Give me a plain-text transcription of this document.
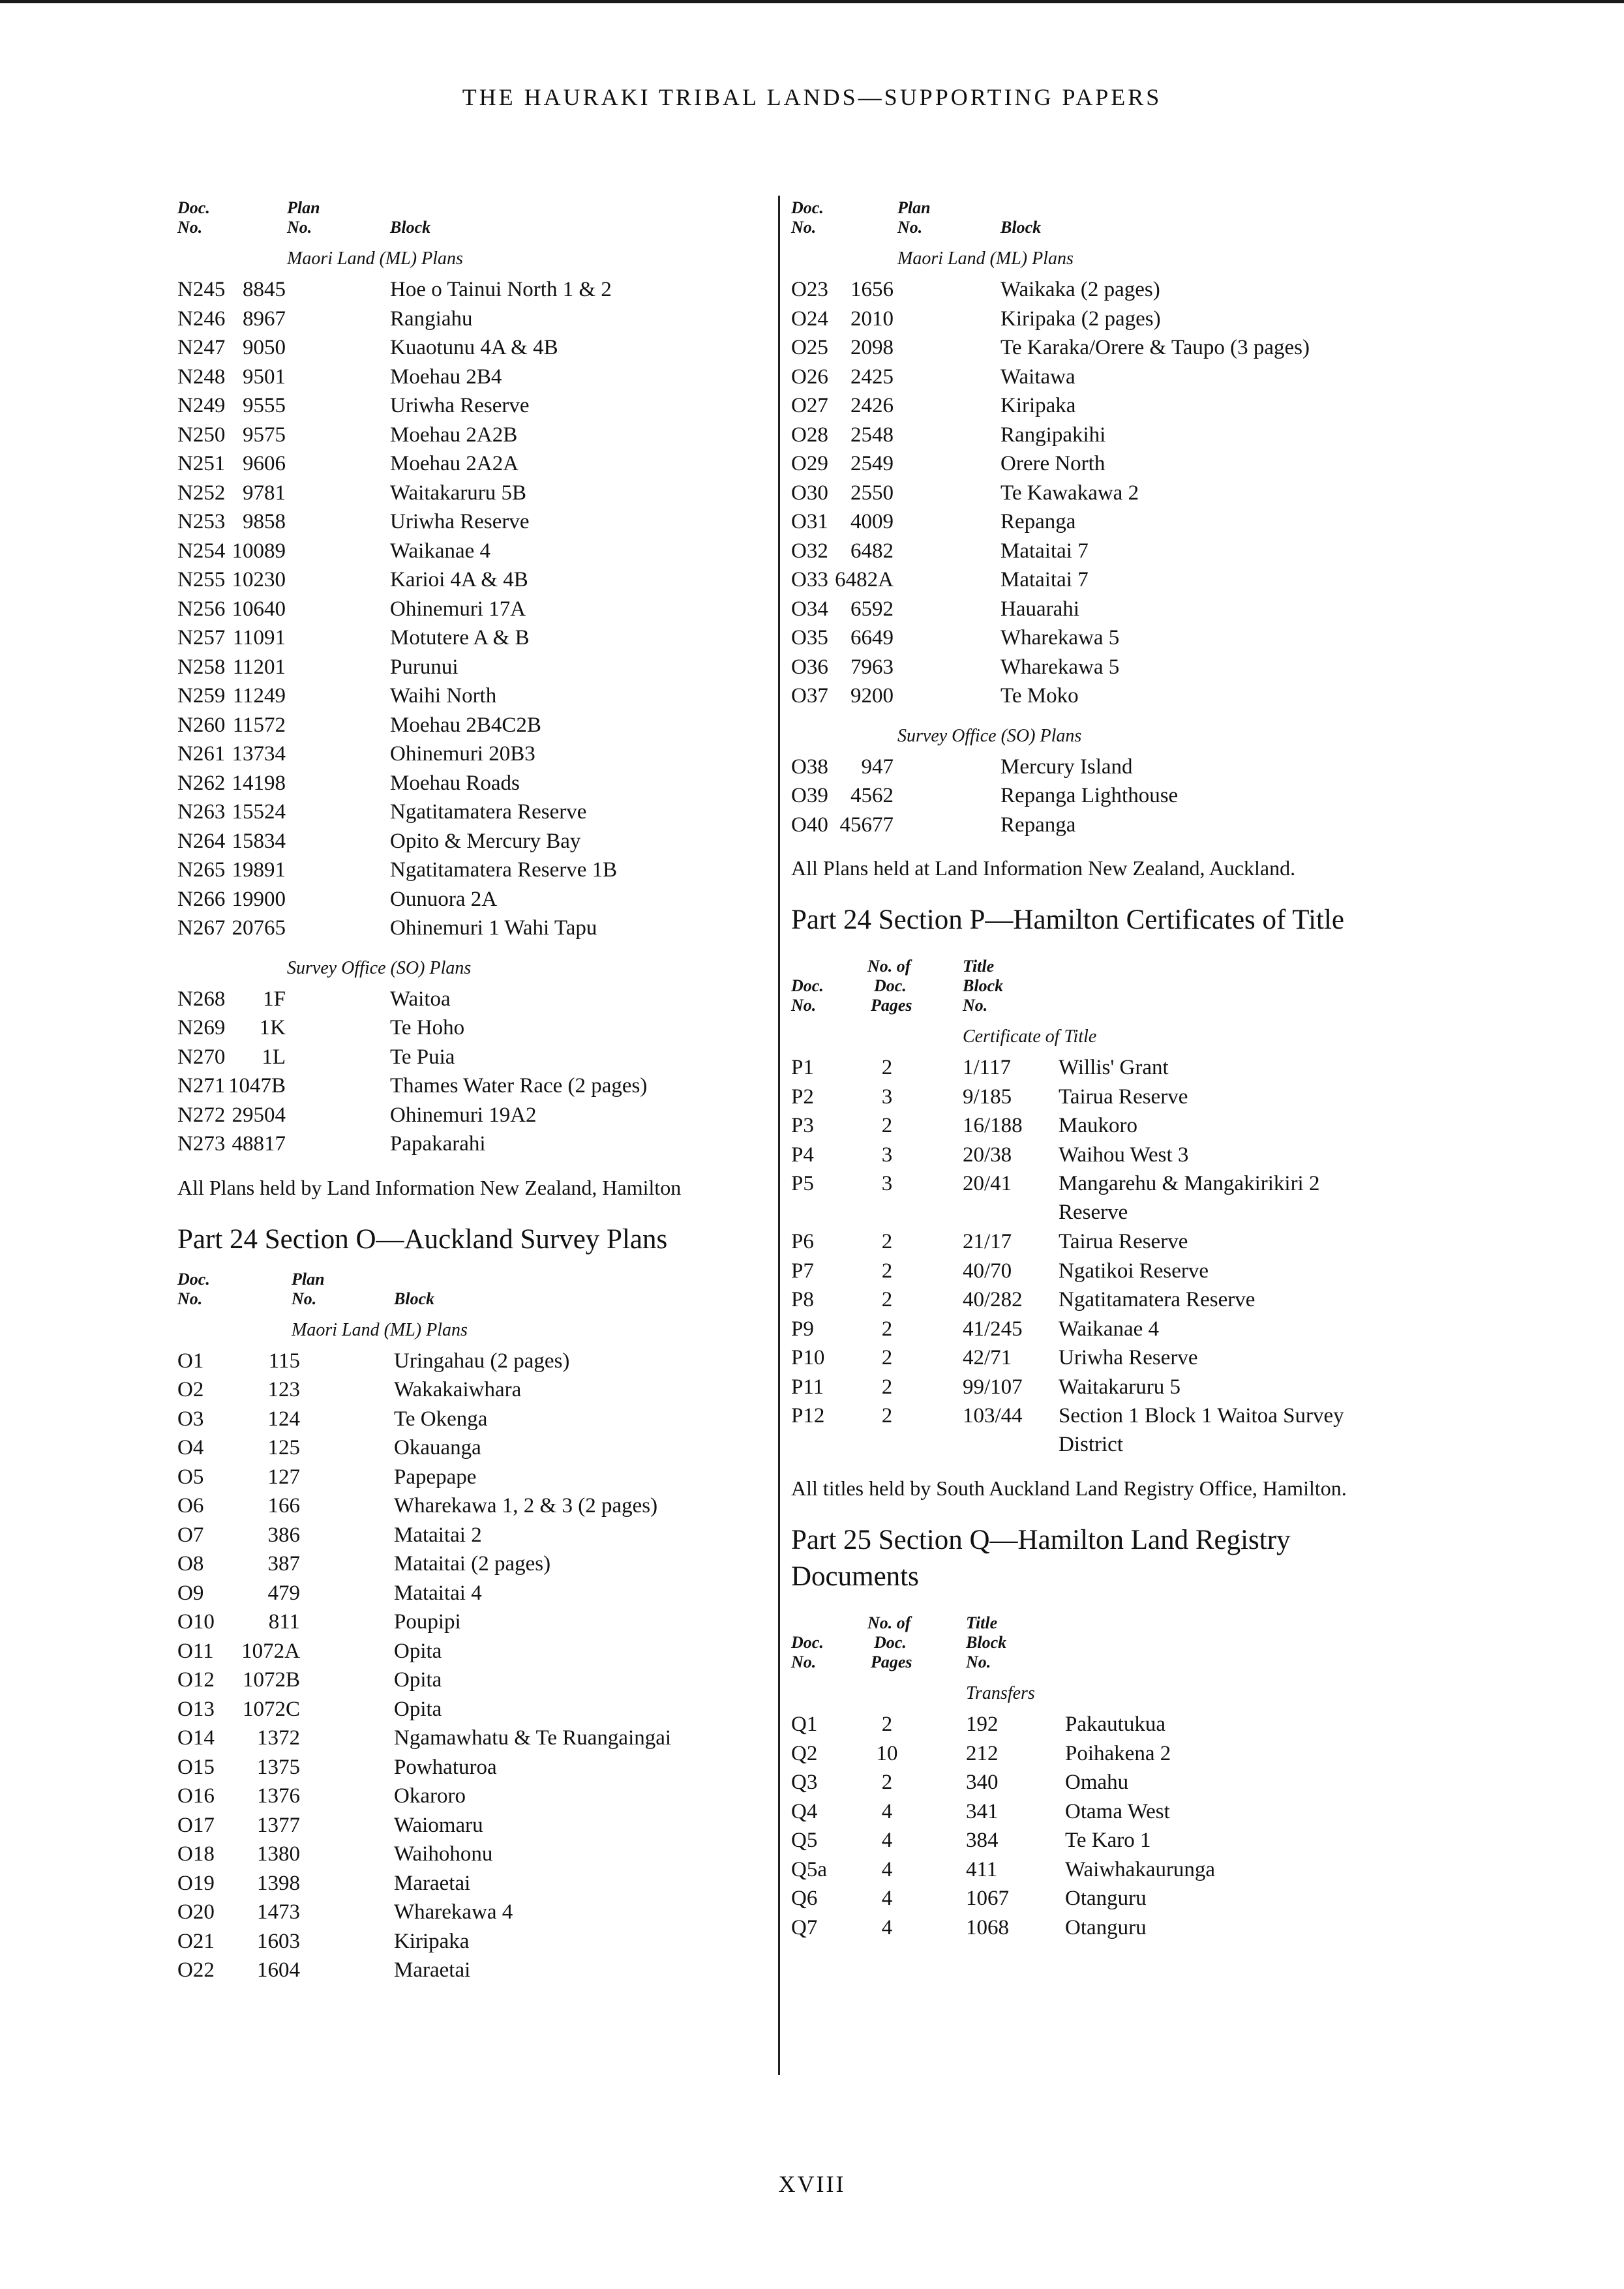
THE HAURAKI TRIBAL LANDS—SUPPORTING PAPERS
Doc.
No.
Plan
No.	Block
Maori Land (ML) Plans
N245 8845	Hoe o Tainui North 1 & 2
N246 8967	Rangiahu
N247 9050	Kuaotunu 4A & 4B
N248 9501	Moehau 2B4
N249 9555	Uriwha Reserve
N250 9575	Moehau 2A2B
N251 9606	Moehau 2A2A
N252 9781	Waitakaruru 5B
N253 9858	Uriwha Reserve
N254 10089	Waikanae 4
N255 10230	Karioi 4A & 4B
N256 10640	Ohinemuri 17A
N257 11091	Motutere A & B
N258 11201	Purunui
N259 11249	Waihi North
N260 11572	Moehau 2B4C2B
N261 13734	Ohinemuri 20B3
N262 14198	Moehau Roads
N263 15524	Ngatitamatera Reserve
N264 15834	Opito & Mercury Bay
N265 19891	Ngatitamatera Reserve 1B
N266 19900	Ounuora 2A
N267 20765	Ohinemuri 1 Wahi Tapu
Survey Office (SO) Plans
N268	1F	Waitoa
N269	1K	Te Hoho
N270	1L	Te Puia
N271 1047B	Thames Water Race (2 pages)
N272 29504	Ohinemuri 19A2
N273 48817	Papakarahi
All Plans held by Land Information New Zealand, Hamilton
Part 24 Section O—Auckland Survey Plans
Doc.
No.
Plan
No.	Block
Maori Land (ML) Plans
O1	115	Uringahau (2 pages)
O2	123	Wakakaiwhara
O3	124	Te Okenga
O4	125	Okauanga
O5	127	Papepape
O6	166	Wharekawa 1, 2 & 3 (2 pages)
O7	386	Mataitai 2
O8	387	Mataitai (2 pages)
O9	479	Mataitai 4
O10	811	Poupipi
O11	1072A	Opita
O12	1072B	Opita
O13	1072C	Opita
O14	1372	Ngamawhatu & Te Ruangaingai
O15	1375	Powhaturoa
O16	1376	Okaroro
O17	1377	Waiomaru
O18	1380	Waihohonu
O19	1398	Maraetai
O20	1473	Wharekawa 4
O21	1603	Kiripaka
O22	1604	Maraetai
Doc.
No.
Plan
No.	Block
Maori Land (ML) Plans
O23	1656	Waikaka (2 pages)
O24	2010	Kiripaka (2 pages)
O25	2098	Te Karaka/Orere & Taupo (3 pages)
O26	2425	Waitawa
O27	2426	Kiripaka
O28	2548	Rangipakihi
O29	2549	Orere North
O30	2550	Te Kawakawa 2
O31	4009	Repanga
O32	6482	Mataitai 7
O33 6482A	Mataitai 7
O34	6592	Hauarahi
O35	6649	Wharekawa 5
O36	7963	Wharekawa 5
O37	9200	Te Moko
Survey Office (SO) Plans
O38	947	Mercury Island
O39	4562	Repanga Lighthouse
O40 45677	Repanga
All Plans held at Land Information New Zealand, Auckland.
Part 24 Section P—Hamilton Certificates of Title
Doc.
No.
No. of
Doc.
Pages
Title
Block
No.
Certificate of Title
P1	2	1/117 Willis' Grant
P2	3	9/185 Tairua Reserve
P3	2	16/188 Maukoro
P4	3	20/38 Waihou West 3
P5	3	20/41 Mangarehu & Mangakirikiri 2 Reserve
P6	2	21/17 Tairua Reserve
P7	2	40/70 Ngatikoi Reserve
P8	2	40/282 Ngatitamatera Reserve
P9	2	41/245 Waikanae 4
P10	2	42/71 Uriwha Reserve
P11	2	99/107 Waitakaruru 5
P12	2	103/44 Section 1 Block 1 Waitoa Survey District
All titles held by South Auckland Land Registry Office, Hamilton.
Part 25 Section Q—Hamilton Land Registry Documents
Doc.
No.
No. of
Doc.
Pages
Title
Block
No.
Transfers
Q1	2	192	Pakautukua
Q2	10	212	Poihakena 2
Q3	2	340	Omahu
Q4	4	341	Otama West
Q5	4	384	Te Karo 1
Q5a	4	411	Waiwhakaurunga
Q6	4	1067	Otanguru
Q7	4	1068	Otanguru
XVIII
